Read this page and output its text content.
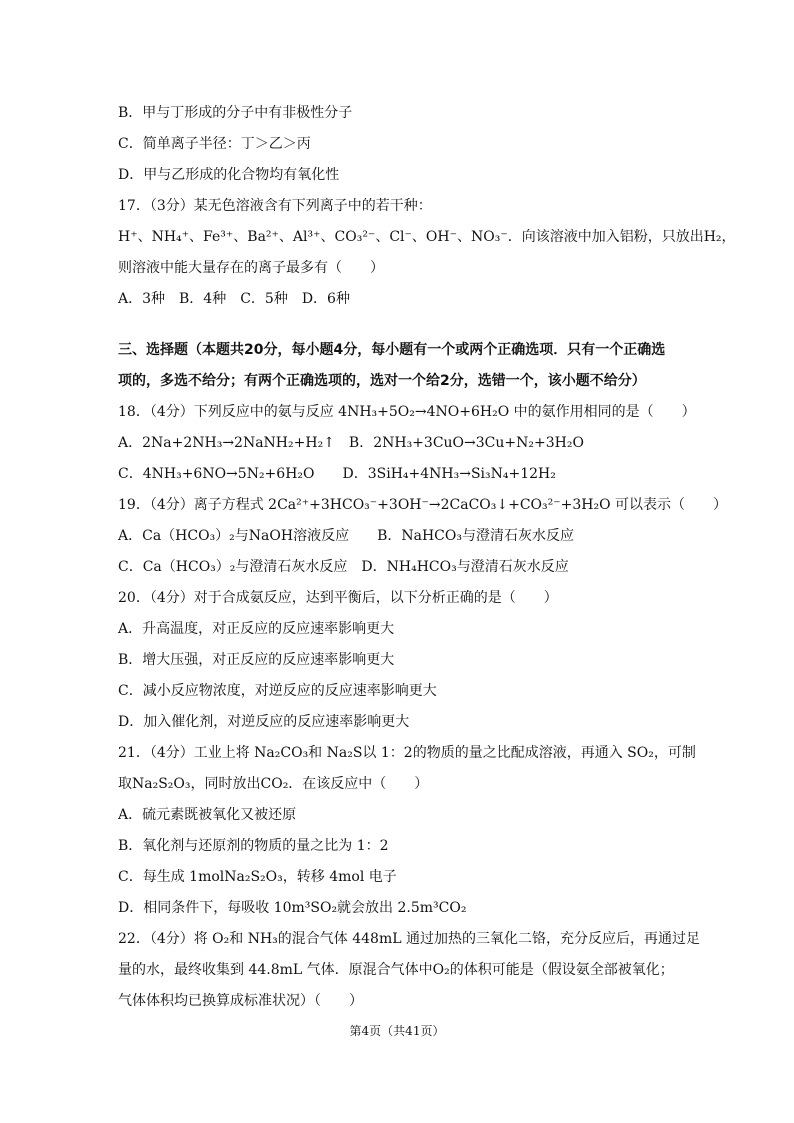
B．甲与丁形成的分子中有非极性分子
C．简单离子半径：丁＞乙＞丙
D．甲与乙形成的化合物均有氧化性
17．（3分）某无色溶液含有下列离子中的若干种：
H⁺、NH₄⁺、Fe³⁺、Ba²⁺、Al³⁺、CO₃²⁻、Cl⁻、OH⁻、NO₃⁻．向该溶液中加入铝粉，只放出H₂，
则溶液中能大量存在的离子最多有（　　）
A．3种　B．4种　C．5种　D．6种
三、选择题（本题共20分，每小题4分，每小题有一个或两个正确选项．只有一个正确选
项的，多选不给分；有两个正确选项的，选对一个给2分，选错一个，该小题不给分）
18．（4分）下列反应中的氨与反应 4NH₃+5O₂→4NO+6H₂O 中的氨作用相同的是（　　）
A．2Na+2NH₃→2NaNH₂+H₂↑　B．2NH₃+3CuO→3Cu+N₂+3H₂O
C．4NH₃+6NO→5N₂+6H₂O　　D．3SiH₄+4NH₃→Si₃N₄+12H₂
19．（4分）离子方程式 2Ca²⁺+3HCO₃⁻+3OH⁻→2CaCO₃↓+CO₃²⁻+3H₂O 可以表示（　　）
A．Ca（HCO₃）₂与NaOH溶液反应　　B．NaHCO₃与澄清石灰水反应
C．Ca（HCO₃）₂与澄清石灰水反应　D．NH₄HCO₃与澄清石灰水反应
20．（4分）对于合成氨反应，达到平衡后，以下分析正确的是（　　）
A．升高温度，对正反应的反应速率影响更大
B．增大压强，对正反应的反应速率影响更大
C．减小反应物浓度，对逆反应的反应速率影响更大
D．加入催化剂，对逆反应的反应速率影响更大
21．（4分）工业上将 Na₂CO₃和 Na₂S以 1：2的物质的量之比配成溶液，再通入 SO₂，可制
取Na₂S₂O₃，同时放出CO₂．在该反应中（　　）
A．硫元素既被氧化又被还原
B．氧化剂与还原剂的物质的量之比为 1：2
C．每生成 1molNa₂S₂O₃，转移 4mol 电子
D．相同条件下，每吸收 10m³SO₂就会放出 2.5m³CO₂
22．（4分）将 O₂和 NH₃的混合气体 448mL 通过加热的三氧化二铬，充分反应后，再通过足
量的水，最终收集到 44.8mL 气体．原混合气体中O₂的体积可能是（假设氨全部被氧化；
气体体积均已换算成标准状况）（　　）
第4页（共41页）
